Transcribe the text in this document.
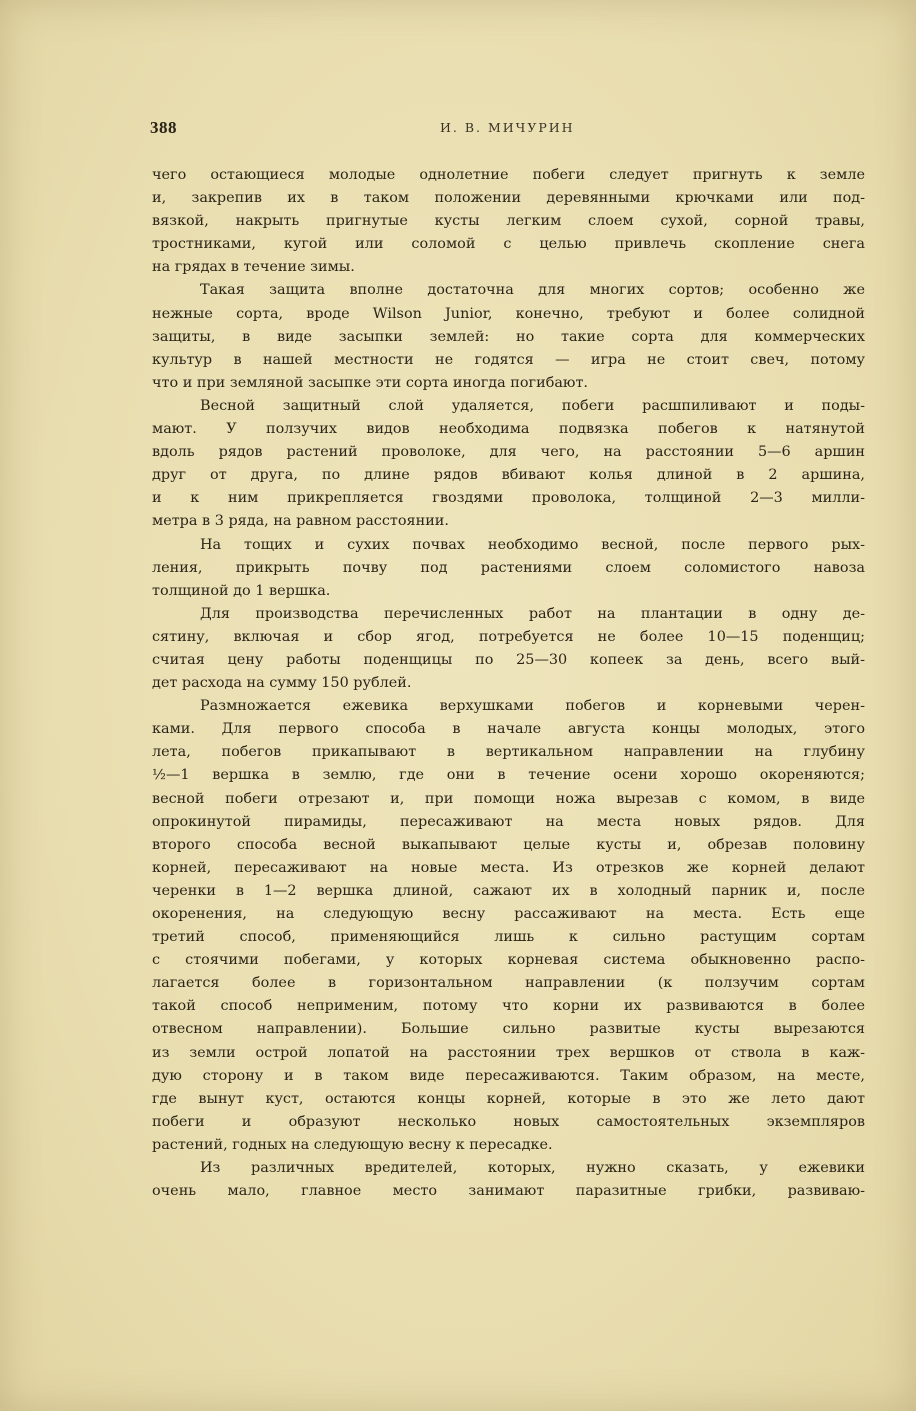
388	И. В. МИЧУРИН
чего остающиеся молодые однолетние побеги следует пригнуть к земле
и, закрепив их в таком положении деревянными крючками или под-
вязкой, накрыть пригнутые кусты легким слоем сухой, сорной травы,
тростниками, кугой или соломой с целью привлечь скопление снега
на грядах в течение зимы.
Такая защита вполне достаточна для многих сортов; особенно же
нежные сорта, вроде Wilson Junior, конечно, требуют и более солидной
защиты, в виде засыпки землей: но такие сорта для коммерческих
культур в нашей местности не годятся — игра не стоит свеч, потому
что и при земляной засыпке эти сорта иногда погибают.
Весной защитный слой удаляется, побеги расшпиливают и поды-
мают. У ползучих видов необходима подвязка побегов к натянутой
вдоль рядов растений проволоке, для чего, на расстоянии 5—6 аршин
друг от друга, по длине рядов вбивают колья длиной в 2 аршина,
и к ним прикрепляется гвоздями проволока, толщиной 2—3 милли-
метра в 3 ряда, на равном расстоянии.
На тощих и сухих почвах необходимо весной, после первого рых-
ления, прикрыть почву под растениями слоем соломистого навоза
толщиной до 1 вершка.
Для производства перечисленных работ на плантации в одну де-
сятину, включая и сбор ягод, потребуется не более 10—15 поденщиц;
считая цену работы поденщицы по 25—30 копеек за день, всего вый-
дет расхода на сумму 150 рублей.
Размножается ежевика верхушками побегов и корневыми черен-
ками. Для первого способа в начале августа концы молодых, этого
лета, побегов прикапывают в вертикальном направлении на глубину
½—1 вершка в землю, где они в течение осени хорошо окореняются;
весной побеги отрезают и, при помощи ножа вырезав с комом, в виде
опрокинутой пирамиды, пересаживают на места новых рядов. Для
второго способа весной выкапывают целые кусты и, обрезав половину
корней, пересаживают на новые места. Из отрезков же корней делают
черенки в 1—2 вершка длиной, сажают их в холодный парник и, после
окоренения, на следующую весну рассаживают на места. Есть еще
третий способ, применяющийся лишь к сильно растущим сортам
с стоячими побегами, у которых корневая система обыкновенно распо-
лагается более в горизонтальном направлении (к ползучим сортам
такой способ неприменим, потому что корни их развиваются в более
отвесном направлении). Большие сильно развитые кусты вырезаются
из земли острой лопатой на расстоянии трех вершков от ствола в каж-
дую сторону и в таком виде пересаживаются. Таким образом, на месте,
где вынут куст, остаются концы корней, которые в это же лето дают
побеги и образуют несколько новых самостоятельных экземпляров
растений, годных на следующую весну к пересадке.
Из различных вредителей, которых, нужно сказать, у ежевики
очень мало, главное место занимают паразитные грибки, развиваю-
